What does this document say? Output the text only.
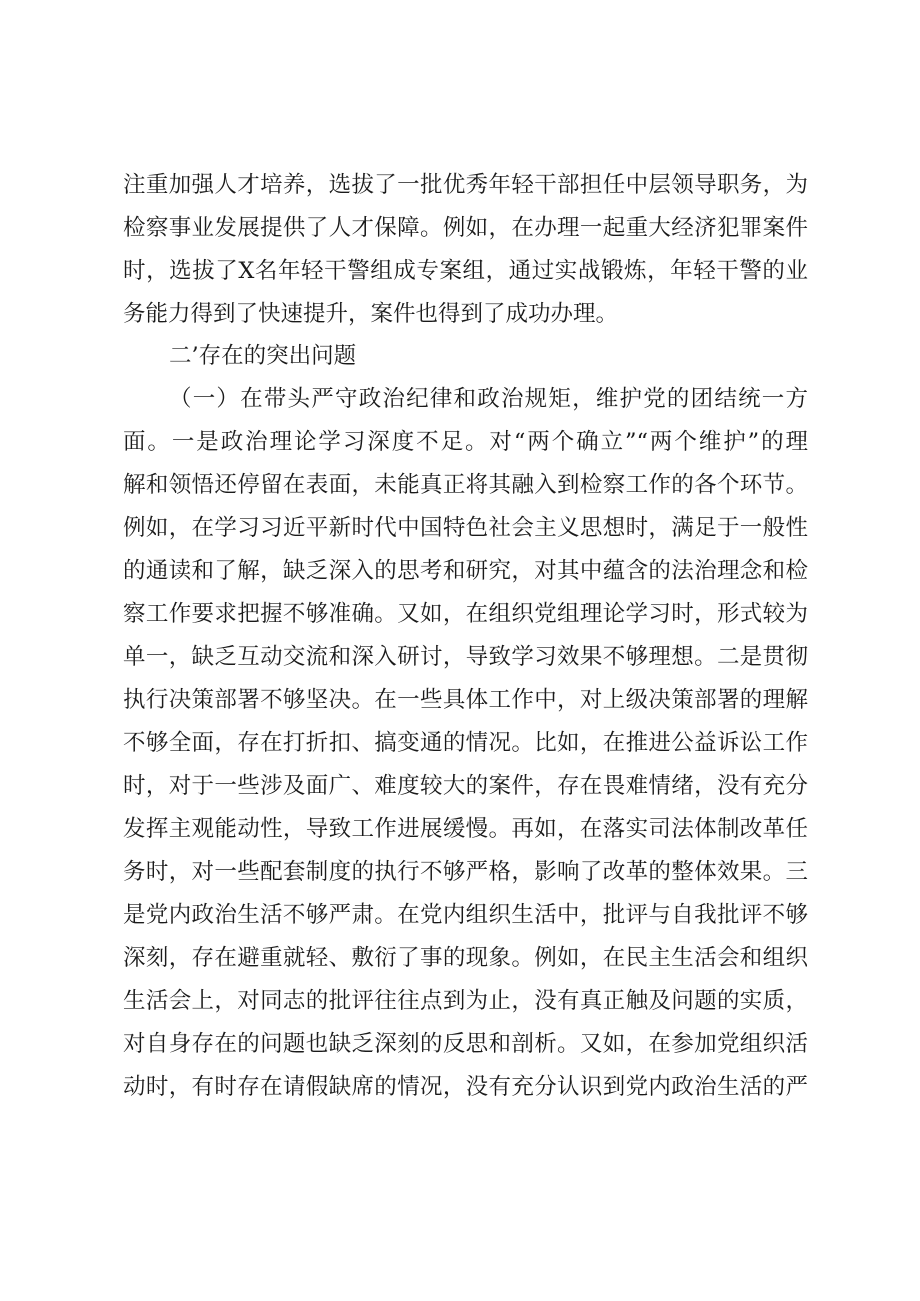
注重加强人才培养，选拔了一批优秀年轻干部担任中层领导职务，为
检察事业发展提供了人才保障。例如，在办理一起重大经济犯罪案件
时，选拔了X名年轻干警组成专案组，通过实战锻炼，年轻干警的业
务能力得到了快速提升，案件也得到了成功办理。
二’存在的突出问题
（一）在带头严守政治纪律和政治规矩，维护党的团结统一方
面。一是政治理论学习深度不足。对“两个确立”“两个维护”的理
解和领悟还停留在表面，未能真正将其融入到检察工作的各个环节。
例如，在学习习近平新时代中国特色社会主义思想时，满足于一般性
的通读和了解，缺乏深入的思考和研究，对其中蕴含的法治理念和检
察工作要求把握不够准确。又如，在组织党组理论学习时，形式较为
单一，缺乏互动交流和深入研讨，导致学习效果不够理想。二是贯彻
执行决策部署不够坚决。在一些具体工作中，对上级决策部署的理解
不够全面，存在打折扣、搞变通的情况。比如，在推进公益诉讼工作
时，对于一些涉及面广、难度较大的案件，存在畏难情绪，没有充分
发挥主观能动性，导致工作进展缓慢。再如，在落实司法体制改革任
务时，对一些配套制度的执行不够严格，影响了改革的整体效果。三
是党内政治生活不够严肃。在党内组织生活中，批评与自我批评不够
深刻，存在避重就轻、敷衍了事的现象。例如，在民主生活会和组织
生活会上，对同志的批评往往点到为止，没有真正触及问题的实质，
对自身存在的问题也缺乏深刻的反思和剖析。又如，在参加党组织活
动时，有时存在请假缺席的情况，没有充分认识到党内政治生活的严
